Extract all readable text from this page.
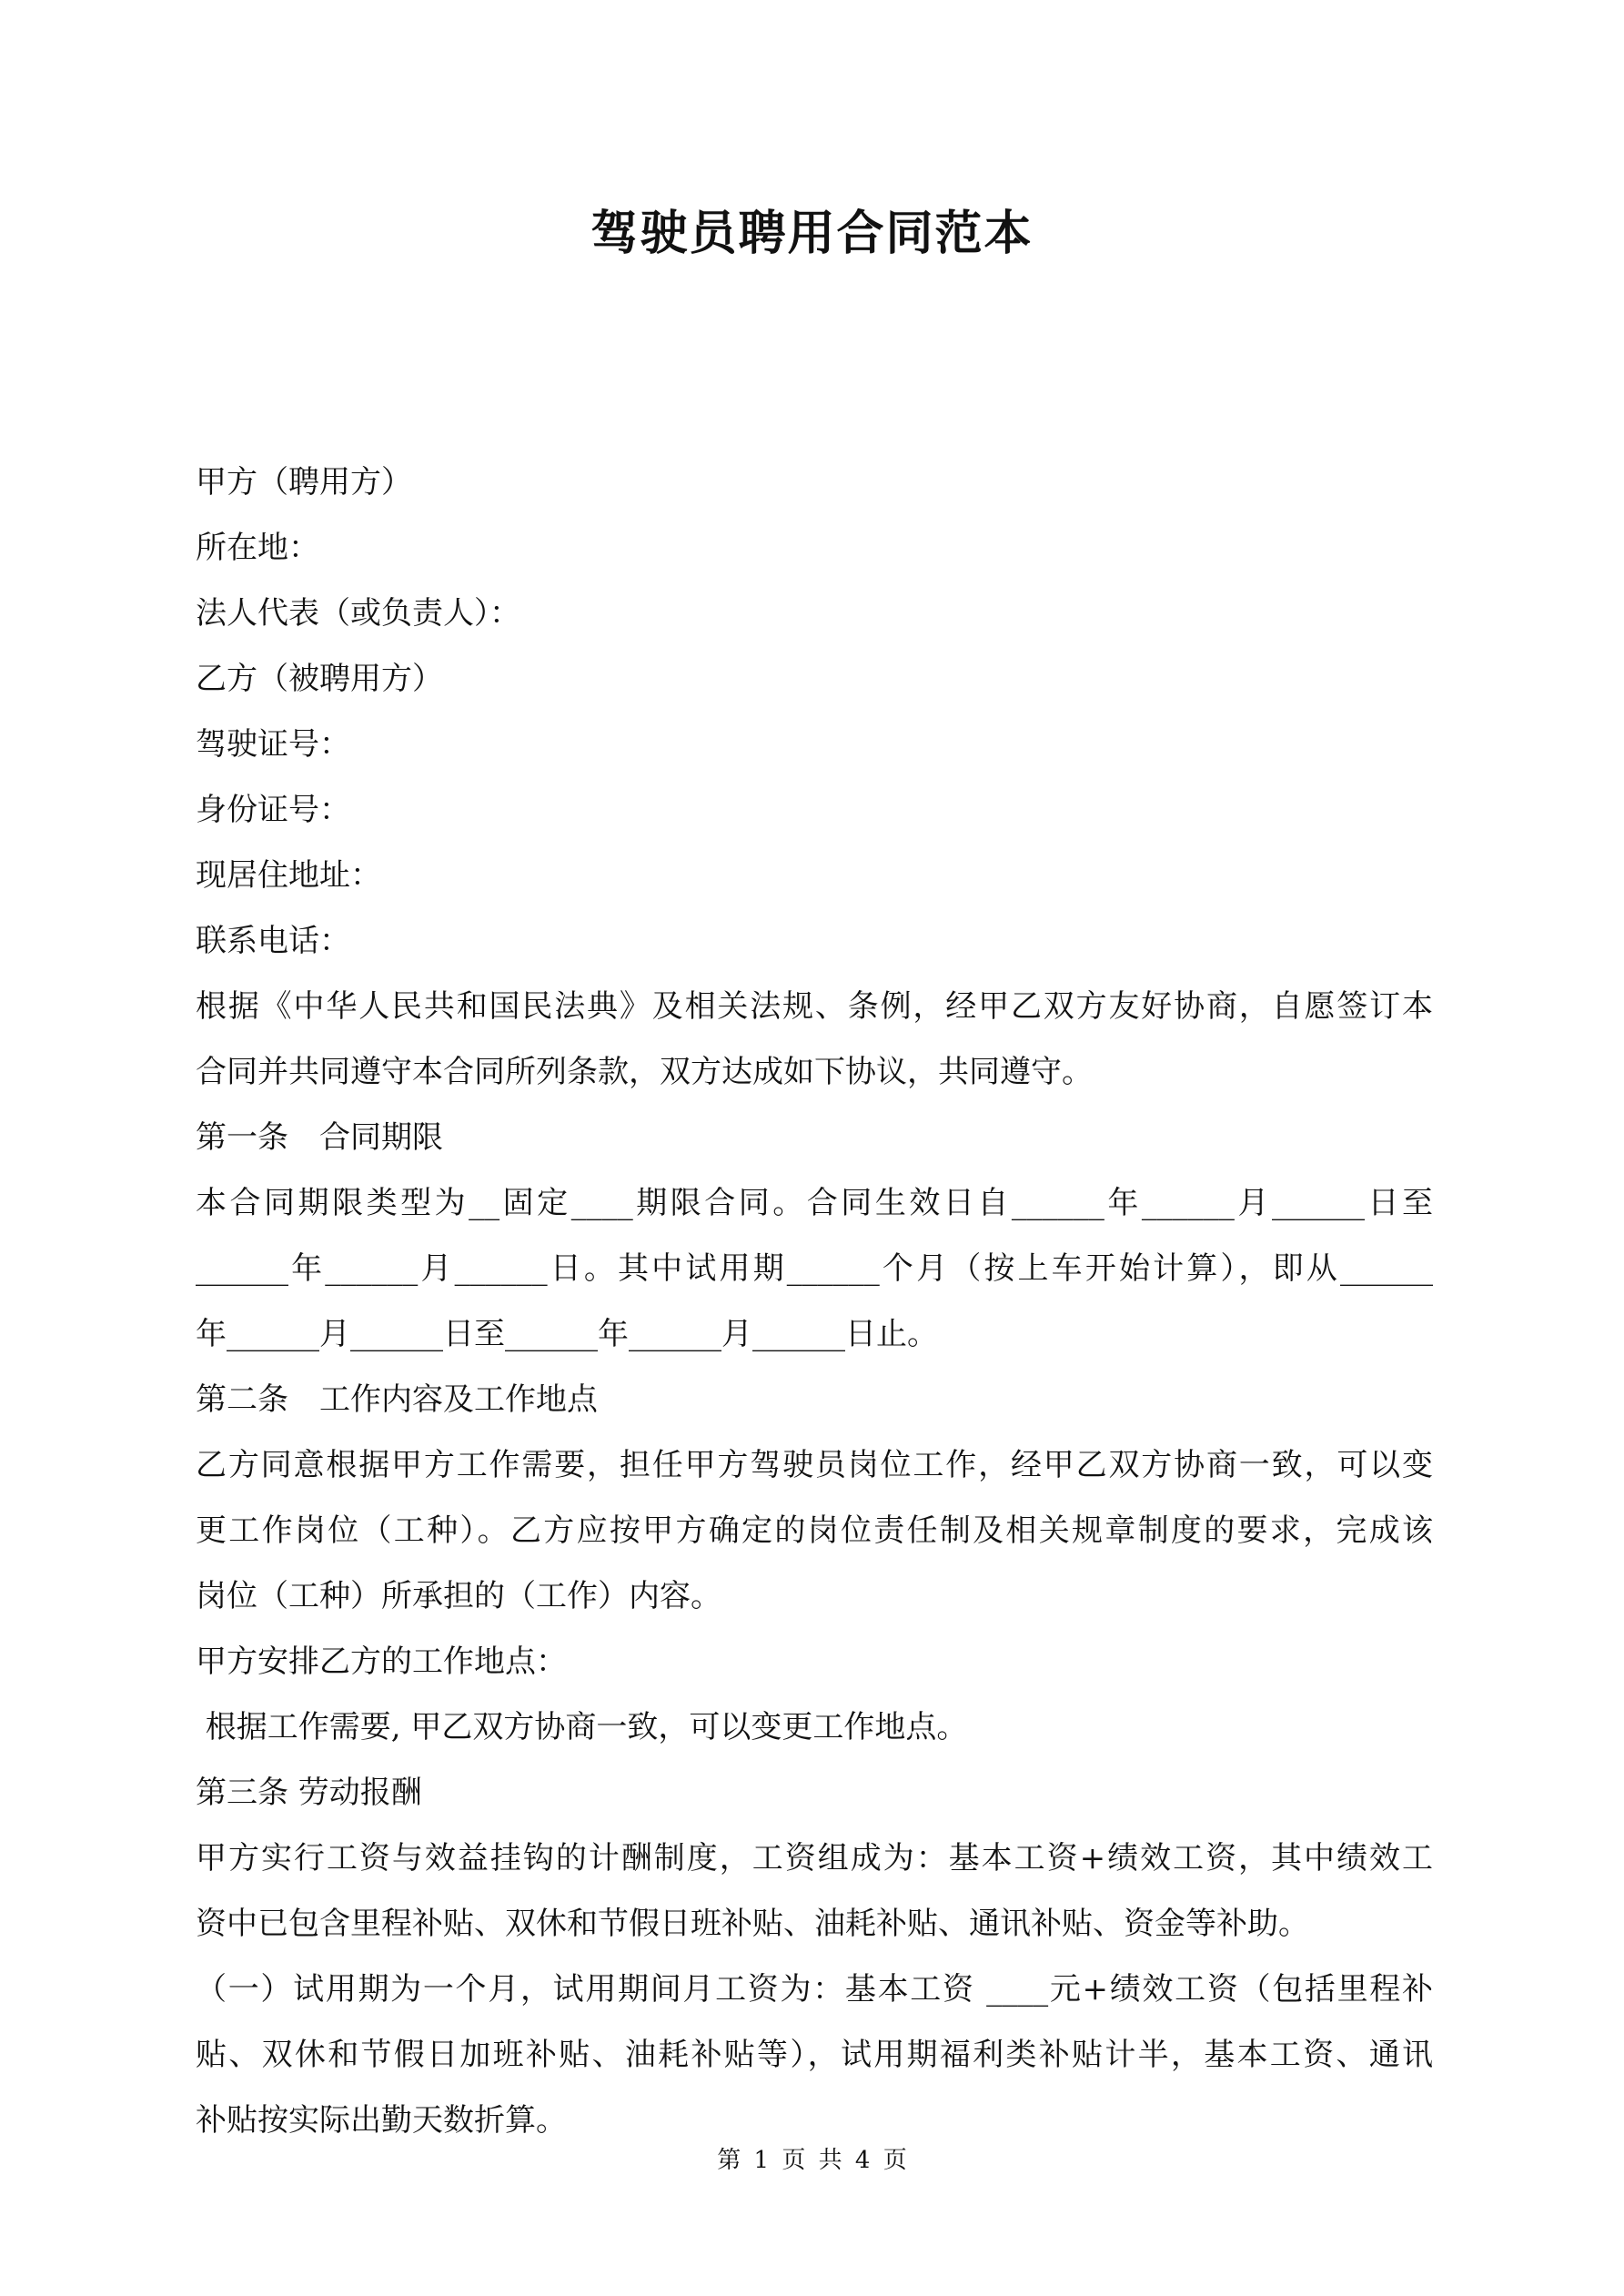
驾驶员聘用合同范本
甲方（聘用方）
所在地：
法人代表（或负责人）：
乙方（被聘用方）
驾驶证号：
身份证号：
现居住地址：
联系电话：
根据《中华人民共和国民法典》及相关法规、条例，经甲乙双方友好协商，自愿签订本
合同并共同遵守本合同所列条款，双方达成如下协议，共同遵守。
第一条　合同期限
本合同期限类型为__固定____期限合同。合同生效日自______年______月______日至
______年______月______日。其中试用期______个月（按上车开始计算），即从______
年______月______日至______年______月______日止。
第二条　工作内容及工作地点
乙方同意根据甲方工作需要，担任甲方驾驶员岗位工作，经甲乙双方协商一致，可以变
更工作岗位（工种）。乙方应按甲方确定的岗位责任制及相关规章制度的要求，完成该
岗位（工种）所承担的（工作）内容。
甲方安排乙方的工作地点：
根据工作需要, 甲乙双方协商一致，可以变更工作地点。
第三条 劳动报酬
甲方实行工资与效益挂钩的计酬制度，工资组成为：基本工资+绩效工资，其中绩效工
资中已包含里程补贴、双休和节假日班补贴、油耗补贴、通讯补贴、资金等补助。
（一）试用期为一个月，试用期间月工资为：基本工资 ____元+绩效工资（包括里程补
贴、双休和节假日加班补贴、油耗补贴等），试用期福利类补贴计半，基本工资、通讯
补贴按实际出勤天数折算。
第 1 页 共 4 页
